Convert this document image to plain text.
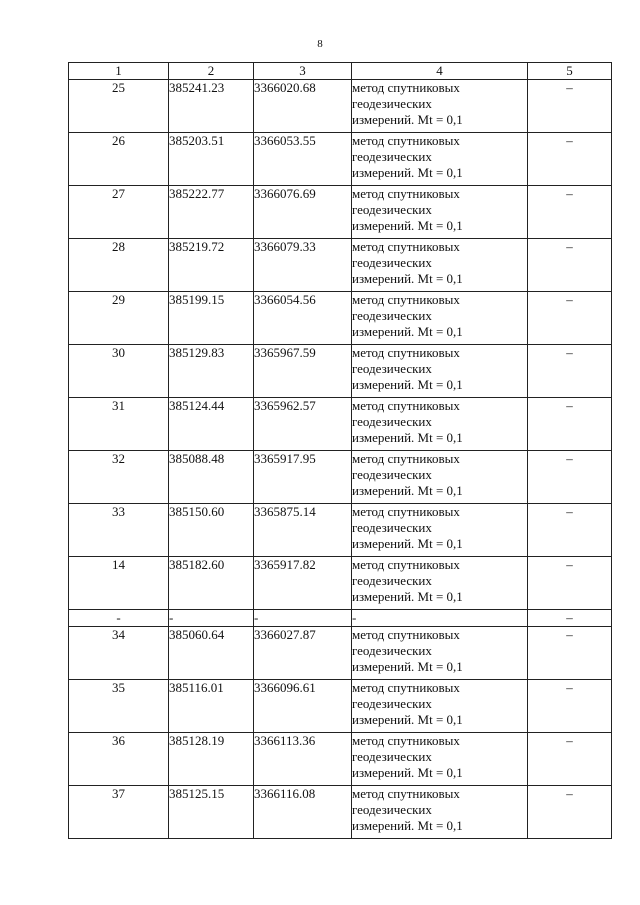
8
1	2	3	4	5
25	385241.23	3366020.68	метод спутниковых
геодезических
измерений. Mt = 0,1	–
26	385203.51	3366053.55	метод спутниковых
геодезических
измерений. Mt = 0,1	–
27	385222.77	3366076.69	метод спутниковых
геодезических
измерений. Mt = 0,1	–
28	385219.72	3366079.33	метод спутниковых
геодезических
измерений. Mt = 0,1	–
29	385199.15	3366054.56	метод спутниковых
геодезических
измерений. Mt = 0,1	–
30	385129.83	3365967.59	метод спутниковых
геодезических
измерений. Mt = 0,1	–
31	385124.44	3365962.57	метод спутниковых
геодезических
измерений. Mt = 0,1	–
32	385088.48	3365917.95	метод спутниковых
геодезических
измерений. Mt = 0,1	–
33	385150.60	3365875.14	метод спутниковых
геодезических
измерений. Mt = 0,1	–
14	385182.60	3365917.82	метод спутниковых
геодезических
измерений. Mt = 0,1	–
-	-	-	-	–
34	385060.64	3366027.87	метод спутниковых
геодезических
измерений. Mt = 0,1	–
35	385116.01	3366096.61	метод спутниковых
геодезических
измерений. Mt = 0,1	–
36	385128.19	3366113.36	метод спутниковых
геодезических
измерений. Mt = 0,1	–
37	385125.15	3366116.08	метод спутниковых
геодезических
измерений. Mt = 0,1	–
